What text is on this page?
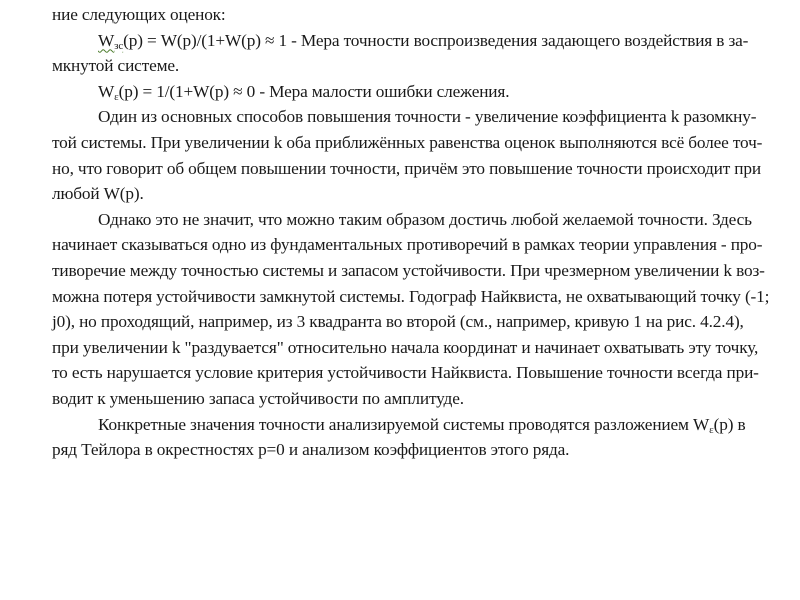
ние следующих оценок:
$W_{зс}(p) = W(p)/(1+W(p) \approx 1$ - Мера точности воспроизведения задающего воздействия в за-
мкнутой системе.
$W_\varepsilon(p) = 1/(1+W(p) \approx 0$ - Мера малости ошибки слежения.
Один из основных способов повышения точности - увеличение коэффициента k разомкну-
той системы. При увеличении k оба приближённых равенства оценок выполняются всё более точ-
но, что говорит об общем повышении точности, причём это повышение точности происходит при
любой W(p).
Однако это не значит, что можно таким образом достичь любой желаемой точности. Здесь
начинает сказываться одно из фундаментальных противоречий в рамках теории управления - про-
тиворечие между точностью системы и запасом устойчивости. При чрезмерном увеличении k воз-
можна потеря устойчивости замкнутой системы. Годограф Найквиста, не охватывающий точку (-1;
j0), но проходящий, например, из 3 квадранта во второй (см., например, кривую 1 на рис. 4.2.4),
при увеличении k "раздувается" относительно начала координат и начинает охватывать эту точку,
то есть нарушается условие критерия устойчивости Найквиста. Повышение точности всегда при-
водит к уменьшению запаса устойчивости по амплитуде.
Конкретные значения точности анализируемой системы проводятся разложением $W_\varepsilon(p)$ в
ряд Тейлора в окрестностях p=0 и анализом коэффициентов этого ряда.
